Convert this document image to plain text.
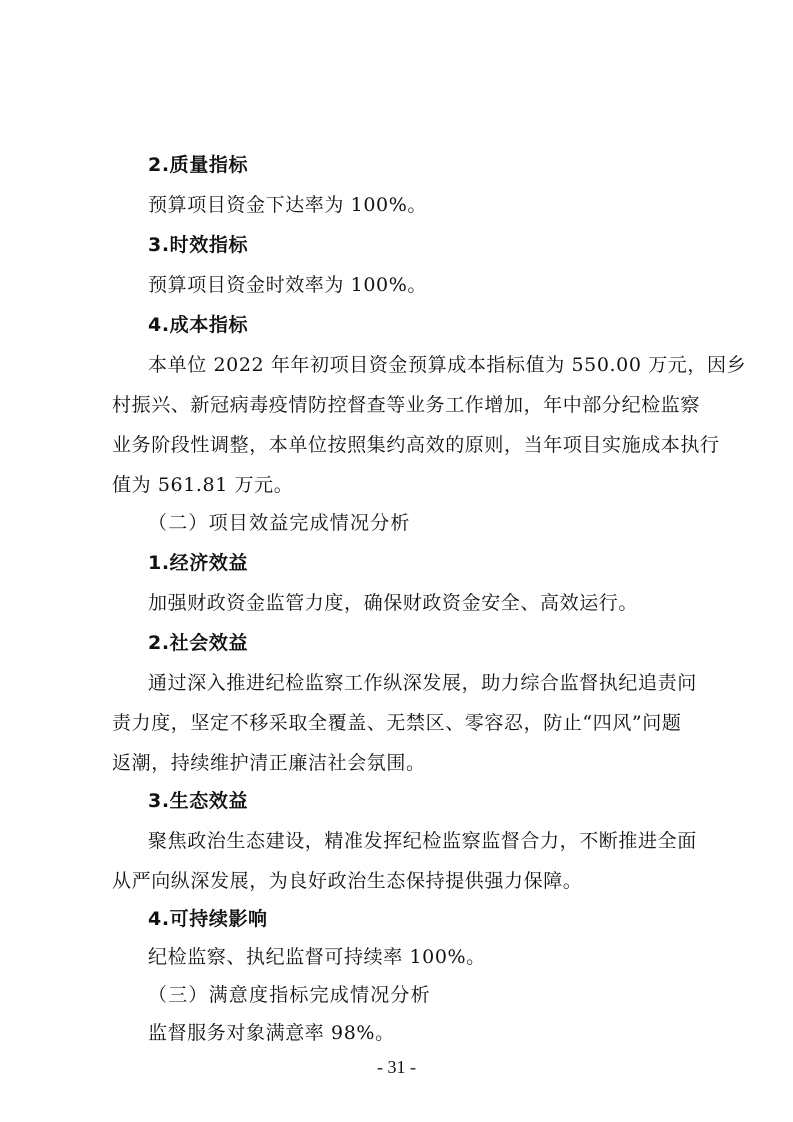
2.质量指标
预算项目资金下达率为 100%。
3.时效指标
预算项目资金时效率为 100%。
4.成本指标
本单位 2022 年年初项目资金预算成本指标值为 550.00 万元，因乡
村振兴、新冠病毒疫情防控督查等业务工作增加，年中部分纪检监察
业务阶段性调整，本单位按照集约高效的原则，当年项目实施成本执行
值为 561.81 万元。
（二）项目效益完成情况分析
1.经济效益
加强财政资金监管力度，确保财政资金安全、高效运行。
2.社会效益
通过深入推进纪检监察工作纵深发展，助力综合监督执纪追责问
责力度，坚定不移采取全覆盖、无禁区、零容忍，防止“四风”问题
返潮，持续维护清正廉洁社会氛围。
3.生态效益
聚焦政治生态建设，精准发挥纪检监察监督合力，不断推进全面
从严向纵深发展，为良好政治生态保持提供强力保障。
4.可持续影响
纪检监察、执纪监督可持续率 100%。
（三）满意度指标完成情况分析
监督服务对象满意率 98%。
- 31 -
